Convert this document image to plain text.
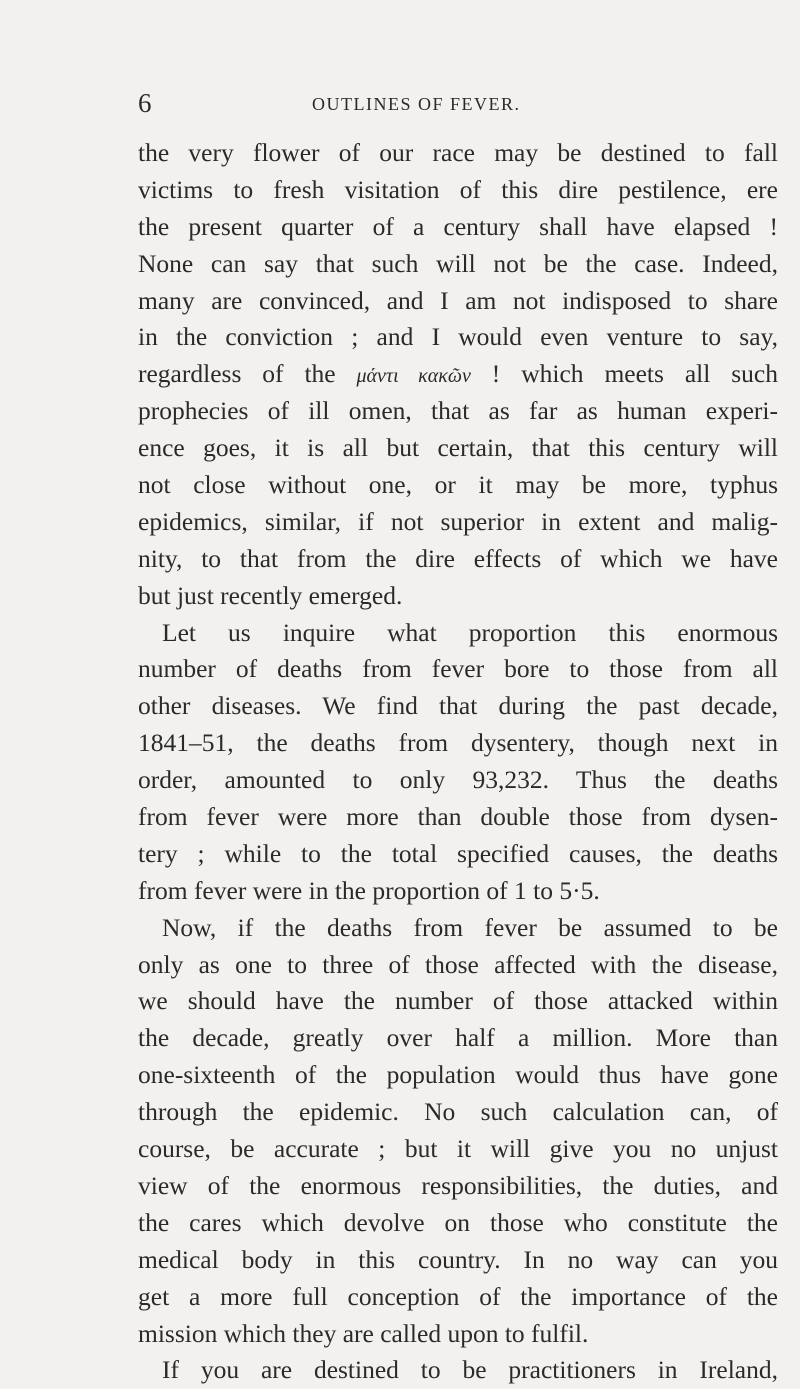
6	OUTLINES OF FEVER.
the very flower of our race may be destined to fall
victims to fresh visitation of this dire pestilence, ere
the present quarter of a century shall have elapsed !
None can say that such will not be the case. Indeed,
many are convinced, and I am not indisposed to share
in the conviction ; and I would even venture to say,
regardless of the μάντι κακῶν ! which meets all such
prophecies of ill omen, that as far as human experi-
ence goes, it is all but certain, that this century will
not close without one, or it may be more, typhus
epidemics, similar, if not superior in extent and malig-
nity, to that from the dire effects of which we have
but just recently emerged.
Let us inquire what proportion this enormous
number of deaths from fever bore to those from all
other diseases. We find that during the past decade,
1841–51, the deaths from dysentery, though next in
order, amounted to only 93,232. Thus the deaths
from fever were more than double those from dysen-
tery ; while to the total specified causes, the deaths
from fever were in the proportion of 1 to 5·5.
Now, if the deaths from fever be assumed to be
only as one to three of those affected with the disease,
we should have the number of those attacked within
the decade, greatly over half a million. More than
one-sixteenth of the population would thus have gone
through the epidemic. No such calculation can, of
course, be accurate ; but it will give you no unjust
view of the enormous responsibilities, the duties, and
the cares which devolve on those who constitute the
medical body in this country. In no way can you
get a more full conception of the importance of the
mission which they are called upon to fulfil.
If you are destined to be practitioners in Ireland,
